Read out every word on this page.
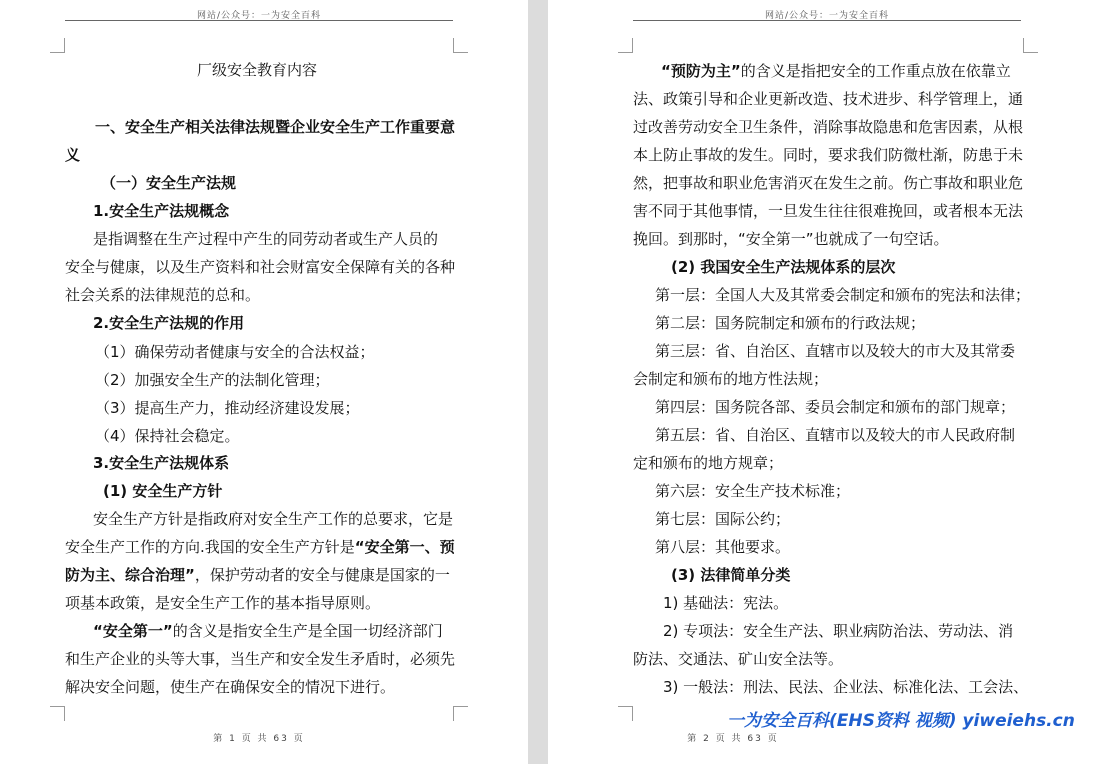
网站/公众号：一为安全百科
厂级安全教育内容
一、安全生产相关法律法规暨企业安全生产工作重要意
义
（一）安全生产法规
1.安全生产法规概念
是指调整在生产过程中产生的同劳动者或生产人员的
安全与健康，以及生产资料和社会财富安全保障有关的各种
社会关系的法律规范的总和。
2.安全生产法规的作用
（1）确保劳动者健康与安全的合法权益；
（2）加强安全生产的法制化管理；
（3）提高生产力，推动经济建设发展；
（4）保持社会稳定。
3.安全生产法规体系
(1) 安全生产方针
安全生产方针是指政府对安全生产工作的总要求，它是
安全生产工作的方向.我国的安全生产方针是“安全第一、预
防为主、综合治理”，保护劳动者的安全与健康是国家的一
项基本政策，是安全生产工作的基本指导原则。
“安全第一”的含义是指安全生产是全国一切经济部门
和生产企业的头等大事，当生产和安全发生矛盾时，必须先
解决安全问题，使生产在确保安全的情况下进行。
第 1 页 共 63 页
网站/公众号：一为安全百科
“预防为主”的含义是指把安全的工作重点放在依靠立
法、政策引导和企业更新改造、技术进步、科学管理上，通
过改善劳动安全卫生条件，消除事故隐患和危害因素，从根
本上防止事故的发生。同时，要求我们防微杜渐，防患于未
然，把事故和职业危害消灭在发生之前。伤亡事故和职业危
害不同于其他事情，一旦发生往往很难挽回，或者根本无法
挽回。到那时，“安全第一”也就成了一句空话。
(2) 我国安全生产法规体系的层次
第一层：全国人大及其常委会制定和颁布的宪法和法律；
第二层：国务院制定和颁布的行政法规；
第三层：省、自治区、直辖市以及较大的市大及其常委
会制定和颁布的地方性法规；
第四层：国务院各部、委员会制定和颁布的部门规章；
第五层：省、自治区、直辖市以及较大的市人民政府制
定和颁布的地方规章；
第六层：安全生产技术标准；
第七层：国际公约；
第八层：其他要求。
(3) 法律简单分类
1) 基础法：宪法。
2) 专项法：安全生产法、职业病防治法、劳动法、消
防法、交通法、矿山安全法等。
3) 一般法：刑法、民法、企业法、标准化法、工会法、
第 2 页 共 63 页
一为安全百科(EHS资料 视频) yiweiehs.cn
